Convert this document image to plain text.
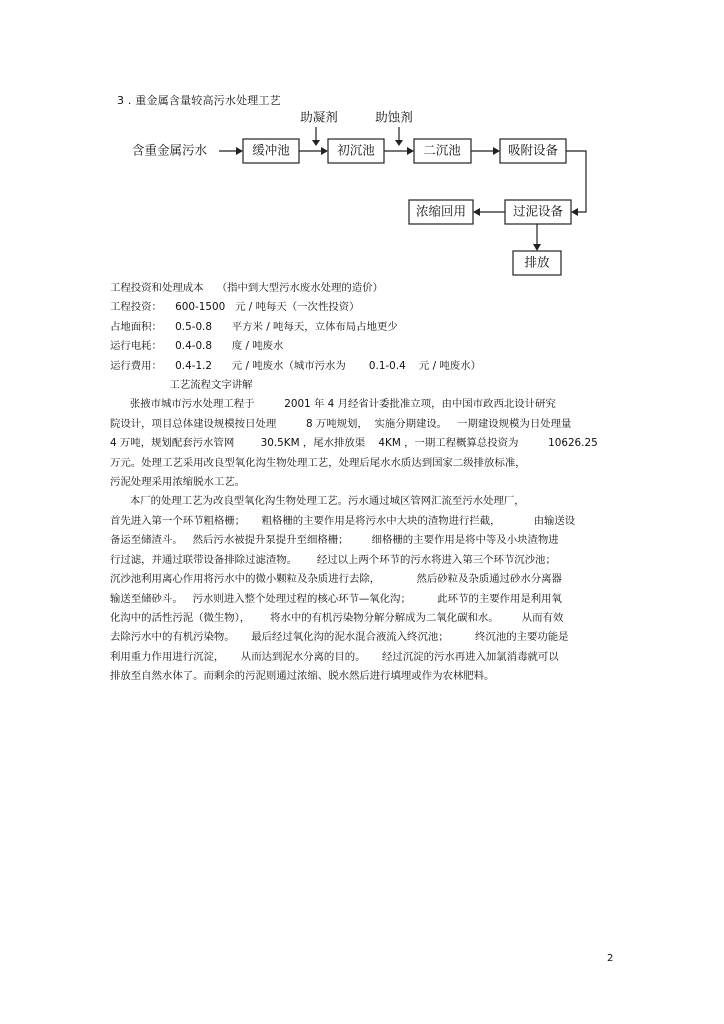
3 . 重金属含量较高污水处理工艺
含重金属污水
助凝剂	助蚀剂
缓冲池	初沉池	二沉池	吸附设备
过泥设备
浓缩回用
排放
工程投资和处理成本    （指中到大型污水废水处理的造价）
工程投资：    600-1500   元 / 吨每天（一次性投资）
占地面积：    0.5-0.8      平方米 / 吨每天，立体布局占地更少
运行电耗：    0.4-0.8      度 / 吨废水
运行费用：    0.4-1.2      元 / 吨废水（城市污水为       0.1-0.4    元 / 吨废水）
工艺流程文字讲解
张掖市城市污水处理工程于         2001 年 4 月经省计委批准立项，由中国市政西北设计研究
院设计，项目总体建设规模按日处理         8 万吨规划，  实施分期建设。   一期建设规模为日处理量
4 万吨，规划配套污水管网        30.5KM ，尾水排放渠    4KM ，一期工程概算总投资为         10626.25
万元。处理工艺采用改良型氧化沟生物处理工艺，处理后尾水水质达到国家二级排放标准，
污泥处理采用浓缩脱水工艺。
本厂的处理工艺为改良型氧化沟生物处理工艺。污水通过城区管网汇流至污水处理厂，
首先进入第一个环节粗格栅；     粗格栅的主要作用是将污水中大块的渣物进行拦截，          由输送设
备运至储渣斗。   然后污水被提升泵提升至细格栅；       细格栅的主要作用是将中等及小块渣物进
行过滤，并通过联带设备排除过滤渣物。      经过以上两个环节的污水将进入第三个环节沉沙池；
沉沙池利用离心作用将污水中的微小颗粒及杂质进行去除，           然后砂粒及杂质通过砂水分离器
输送至储砂斗。   污水则进入整个处理过程的核心环节—氧化沟；        此环节的主要作用是利用氧
化沟中的活性污泥（微生物），      将水中的有机污染物分解分解成为二氧化碳和水。       从而有效
去除污水中的有机污染物。     最后经过氧化沟的泥水混合液流入终沉池；        终沉池的主要功能是
利用重力作用进行沉淀，     从而达到泥水分离的目的。     经过沉淀的污水再进入加氯消毒就可以
排放至自然水体了。而剩余的污泥则通过浓缩、脱水然后进行填埋或作为农林肥料。
2
